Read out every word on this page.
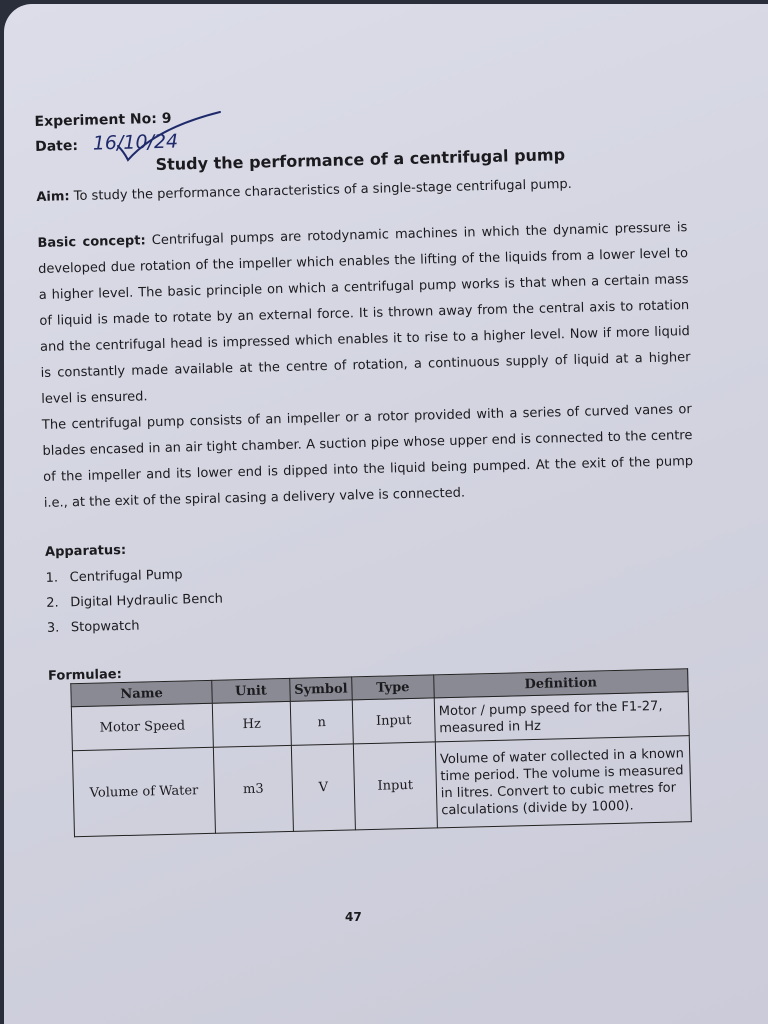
Experiment No: 9
Date: 16/10/24
Study the performance of a centrifugal pump
Aim: To study the performance characteristics of a single-stage centrifugal pump.
Basic concept: Centrifugal pumps are rotodynamic machines in which the dynamic pressure is developed due rotation of the impeller which enables the lifting of the liquids from a lower level to a higher level. The basic principle on which a centrifugal pump works is that when a certain mass of liquid is made to rotate by an external force. It is thrown away from the central axis to rotation and the centrifugal head is impressed which enables it to rise to a higher level. Now if more liquid is constantly made available at the centre of rotation, a continuous supply of liquid at a higher level is ensured.
The centrifugal pump consists of an impeller or a rotor provided with a series of curved vanes or blades encased in an air tight chamber. A suction pipe whose upper end is connected to the centre of the impeller and its lower end is dipped into the liquid being pumped. At the exit of the pump i.e., at the exit of the spiral casing a delivery valve is connected.
Apparatus:
1. Centrifugal Pump
2. Digital Hydraulic Bench
3. Stopwatch
Formulae:
Name	Unit	Symbol	Type	Definition
Motor Speed	Hz	n	Input	Motor / pump speed for the F1-27, measured in Hz
Volume of Water	m3	V	Input	Volume of water collected in a known time period. The volume is measured in litres. Convert to cubic metres for calculations (divide by 1000).
47
